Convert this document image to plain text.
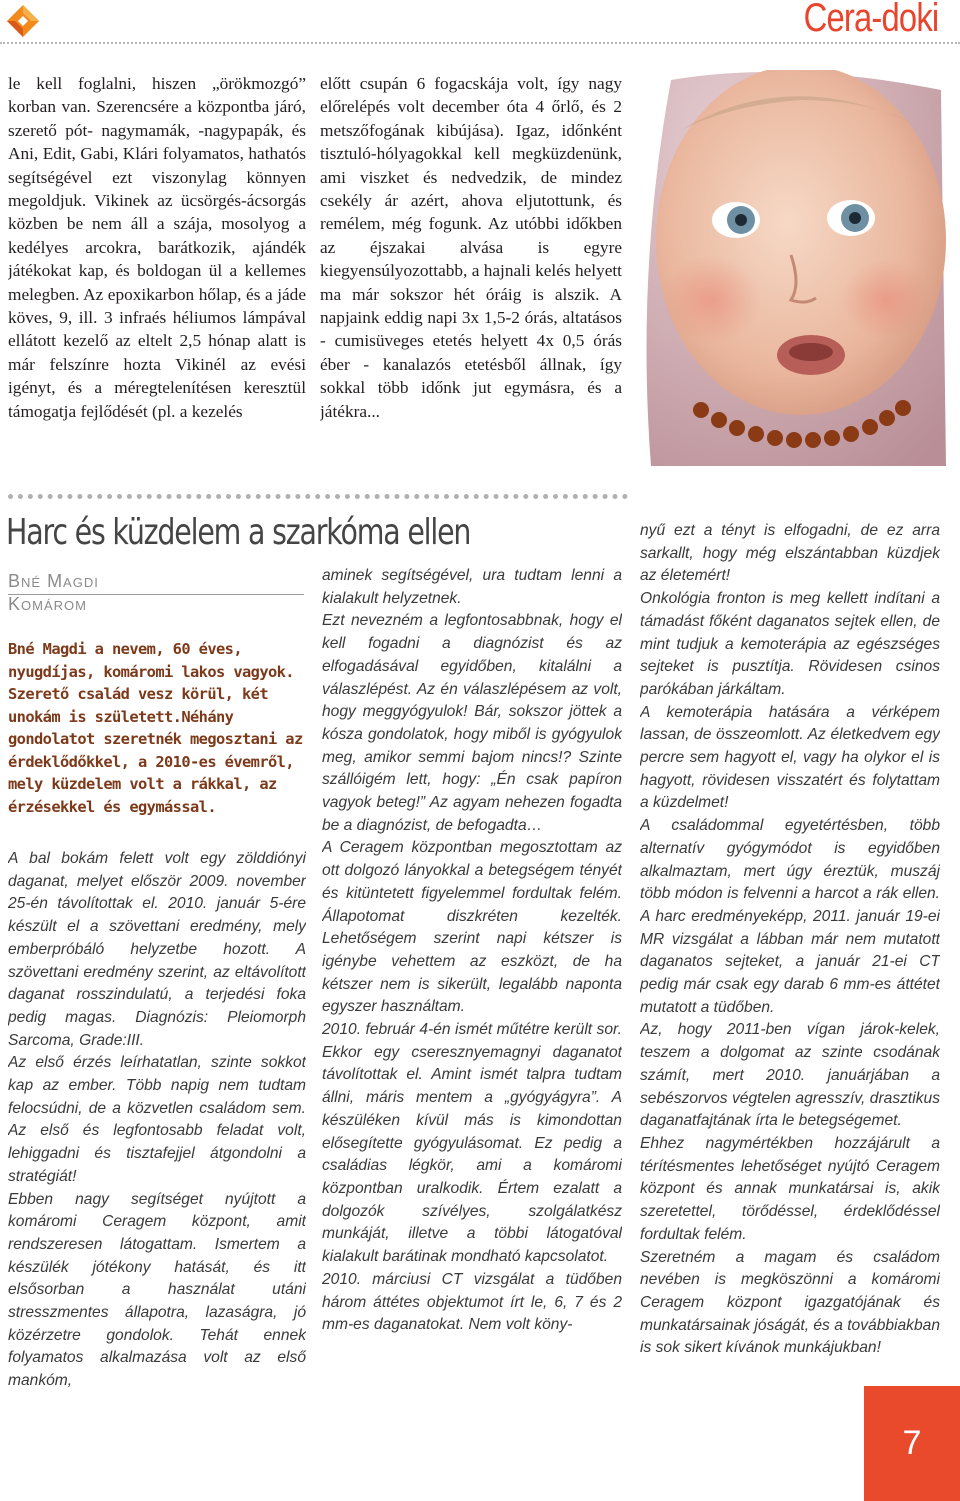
Cera-doki
le kell foglalni, hiszen „örökmozgó” korban van. Szerencsére a központba járó, szerető pót- nagymamák, -nagypapák, és Ani, Edit, Gabi, Klári folyamatos, hathatós segítségével ezt viszonylag könnyen megoldjuk. Vikinek az ücsörgés-ácsorgás közben be nem áll a szája, mosolyog a kedélyes arcokra, barátkozik, ajándék játékokat kap, és boldogan ül a kellemes melegben. Az epoxikarbon hőlap, és a jáde köves, 9, ill. 3 infraés héliumos lámpával ellátott kezelő az eltelt 2,5 hónap alatt is már felszínre hozta Vikinél az evési igényt, és a méregtelenítésen keresztül támogatja fejlődését (pl. a kezelés
előtt csupán 6 fogacskája volt, így nagy előrelépés volt december óta 4 őrlő, és 2 metszőfogának kibújása). Igaz, időnként tisztuló-hólyagokkal kell megküzdenünk, ami viszket és nedvedzik, de mindez csekély ár azért, ahova eljutottunk, és remélem, még fogunk. Az utóbbi időkben az éjszakai alvása is egyre kiegyensúlyozottabb, a hajnali kelés helyett ma már sokszor hét óráig is alszik. A napjaink eddig napi 3x 1,5-2 órás, altatásos - cumisüveges etetés helyett 4x 0,5 órás éber - kanalazós etetésből állnak, így sokkal több időnk jut egymásra, és a játékra...
Harc és küzdelem a szarkóma ellen
Bné Magdi
Komárom
Bné Magdi a nevem, 60 éves, nyugdíjas, komáromi lakos vagyok. Szerető család vesz körül, két unokám is született.Néhány gondolatot szeretnék megosztani az érdeklődőkkel, a 2010-es évemről, mely küzdelem volt a rákkal, az érzésekkel és egymással.

A bal bokám felett volt egy zölddiónyi daganat, melyet először 2009. november 25-én távolítottak el. 2010. január 5-ére készült el a szövettani eredmény, mely emberpróbáló helyzetbe hozott. A szövettani eredmény szerint, az eltávolított daganat rosszindulatú, a terjedési foka pedig magas. Diagnózis: Pleiomorph Sarcoma, Grade:III.

Az első érzés leírhatatlan, szinte sokkot kap az ember. Több napig nem tudtam felocsúdni, de a közvetlen családom sem. Az első és legfontosabb feladat volt, lehiggadni és tisztafejjel átgondolni a stratégiát!

Ebben nagy segítséget nyújtott a komáromi Ceragem központ, amit rendszeresen látogattam. Ismertem a készülék jótékony hatását, és itt elsősorban a használat utáni stresszmentes állapotra, lazaságra, jó közérzetre gondolok. Tehát ennek folyamatos alkalmazása volt az első mankóm,

aminek segítségével, ura tudtam lenni a kialakult helyzetnek.

Ezt nevezném a legfontosabbnak, hogy el kell fogadni a diagnózist és az elfogadásával egyidőben, kitalálni a válaszlépést. Az én válaszlépésem az volt, hogy meggyógyulok! Bár, sokszor jöttek a kósza gondolatok, hogy miből is gyógyulok meg, amikor semmi bajom nincs!? Szinte szállóigém lett, hogy: „Én csak papíron vagyok beteg!” Az agyam nehezen fogadta be a diagnózist, de befogadta…

A Ceragem központban megosztottam az ott dolgozó lányokkal a betegségem tényét és kitüntetett figyelemmel fordultak felém. Állapotomat diszkréten kezelték. Lehetőségem szerint napi kétszer is igénybe vehettem az eszközt, de ha kétszer nem is sikerült, legalább naponta egyszer használtam.

2010. február 4-én ismét műtétre került sor. Ekkor egy cseresznyemagnyi daganatot távolítottak el. Amint ismét talpra tudtam állni, máris mentem a „gyógyágyra”. A készüléken kívül más is kimondottan elősegítette gyógyulásomat. Ez pedig a családias légkör, ami a komáromi központban uralkodik. Értem ezalatt a dolgozók szívélyes, szolgálatkész munkáját, illetve a többi látogatóval kialakult barátinak mondható kapcsolatot.

2010. márciusi CT vizsgálat a tüdőben három áttétes objektumot írt le, 6, 7 és 2 mm-es daganatokat. Nem volt köny-

nyű ezt a tényt is elfogadni, de ez arra sarkallt, hogy még elszántabban küzdjek az életemért!

Onkológia fronton is meg kellett indítani a támadást főként daganatos sejtek ellen, de mint tudjuk a kemoterápia az egészséges sejteket is pusztítja. Rövidesen csinos parókában járkáltam.

A kemoterápia hatására a vérképem lassan, de összeomlott. Az életkedvem egy percre sem hagyott el, vagy ha olykor el is hagyott, rövidesen visszatért és folytattam a küzdelmet!

A családommal egyetértésben, több alternatív gyógymódot is egyidőben alkalmaztam, mert úgy éreztük, muszáj több módon is felvenni a harcot a rák ellen. A harc eredményeképp, 2011. január 19-ei MR vizsgálat a lábban már nem mutatott daganatos sejteket, a január 21-ei CT pedig már csak egy darab 6 mm-es áttétet mutatott a tüdőben.

Az, hogy 2011-ben vígan járok-kelek, teszem a dolgomat az szinte csodának számít, mert 2010. januárjában a sebészorvos végtelen agresszív, drasztikus daganatfajtának írta le betegségemet.

Ehhez nagymértékben hozzájárult a térítésmentes lehetőséget nyújtó Ceragem központ és annak munkatársai is, akik szeretettel, törődéssel, érdeklődéssel fordultak felém.

Szeretném a magam és családom nevében is megköszönni a komáromi Ceragem központ igazgatójának és munkatársainak jóságát, és a továbbiakban is sok sikert kívánok munkájukban!

7
